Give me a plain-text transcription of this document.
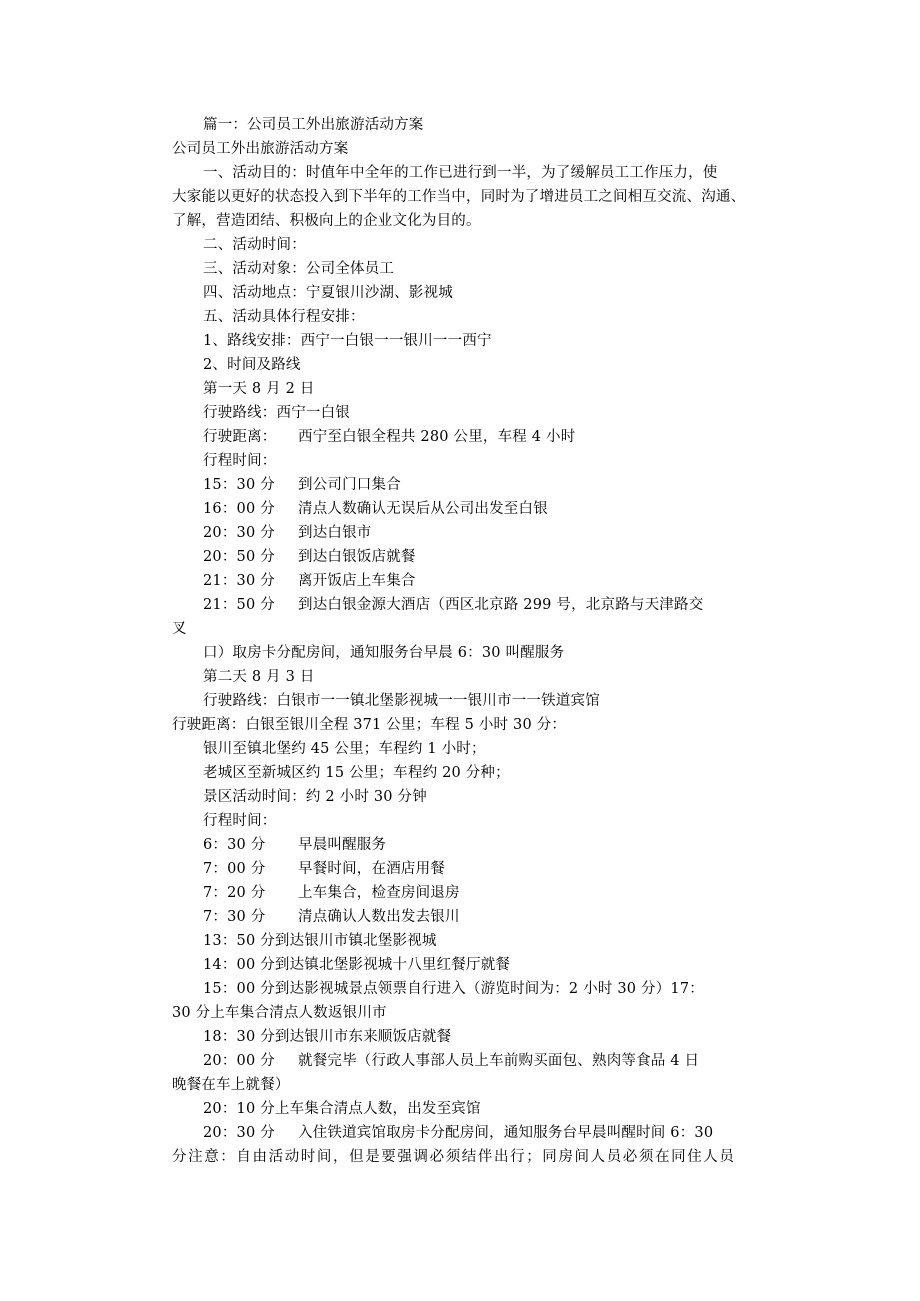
篇一：公司员工外出旅游活动方案
公司员工外出旅游活动方案
一、活动目的：时值年中全年的工作已进行到一半，为了缓解员工工作压力，使
大家能以更好的状态投入到下半年的工作当中，同时为了增进员工之间相互交流、沟通、
了解，营造团结、积极向上的企业文化为目的。
二、活动时间：
三、活动对象：公司全体员工
四、活动地点：宁夏银川沙湖、影视城
五、活动具体行程安排：
1、路线安排：西宁一白银一一银川一一西宁
2、时间及路线
第一天 8 月 2 日
行驶路线：西宁一白银
行驶距离： 西宁至白银全程共 280 公里，车程 4 小时
行程时间：
15：30 分 到公司门口集合
16：00 分 清点人数确认无误后从公司出发至白银
20：30 分 到达白银市
20：50 分 到达白银饭店就餐
21：30 分 离开饭店上车集合
21：50 分 到达白银金源大酒店（西区北京路 299 号，北京路与天津路交
叉
口）取房卡分配房间，通知服务台早晨 6：30 叫醒服务
第二天 8 月 3 日
行驶路线：白银市一一镇北堡影视城一一银川市一一铁道宾馆
行驶距离：白银至银川全程 371 公里；车程 5 小时 30 分：
银川至镇北堡约 45 公里；车程约 1 小时；
老城区至新城区约 15 公里；车程约 20 分种；
景区活动时间：约 2 小时 30 分钟
行程时间：
6：30 分 早晨叫醒服务
7：00 分 早餐时间，在酒店用餐
7：20 分 上车集合，检查房间退房
7：30 分 清点确认人数出发去银川
13：50 分到达银川市镇北堡影视城
14：00 分到达镇北堡影视城十八里红餐厅就餐
15：00 分到达影视城景点领票自行进入（游览时间为：2 小时 30 分）17：
30 分上车集合清点人数返银川市
18：30 分到达银川市东来顺饭店就餐
20：00 分 就餐完毕（行政人事部人员上车前购买面包、熟肉等食品 4 日
晚餐在车上就餐）
20：10 分上车集合清点人数，出发至宾馆
20：30 分 入住铁道宾馆取房卡分配房间，通知服务台早晨叫醒时间 6：30
分注意：自由活动时间，但是要强调必须结伴出行；同房间人员必须在同住人员
